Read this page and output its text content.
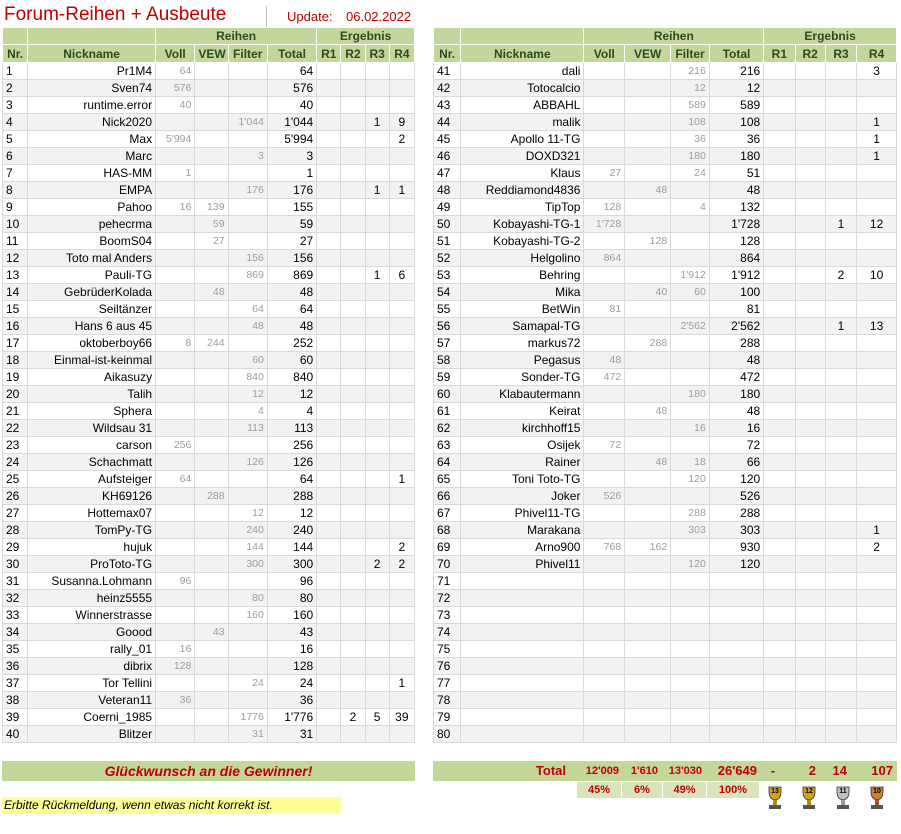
Forum-Reihen + Ausbeute	Update: 06.02.2022
		Reihen				Ergebnis			
Nr.	Nickname	Voll	VEW	Filter	Total	R1	R2	R3	R4
1	Pr1M4	64			64				
2	Sven74	576			576				
3	runtime.error	40			40				
4	Nick2020			1'044	1'044			1	9
5	Max	5'994			5'994				2
6	Marc			3	3				
7	HAS-MM	1			1				
8	EMPA			176	176			1	1
9	Pahoo	16	139		155				
10	pehecrma		59		59				
11	BoomS04		27		27				
12	Toto mal Anders			156	156				
13	Pauli-TG			869	869			1	6
14	GebrüderKolada		48		48				
15	Seiltänzer			64	64				
16	Hans 6 aus 45			48	48				
17	oktoberboy66	8	244		252				
18	Einmal-ist-keinmal			60	60				
19	Aikasuzy			840	840				
20	Talih			12	12				
21	Sphera			4	4				
22	Wildsau 31			113	113				
23	carson	256			256				
24	Schachmatt			126	126				
25	Aufsteiger	64			64				1
26	KH69126		288		288				
27	Hottemax07			12	12				
28	TomPy-TG			240	240				
29	hujuk			144	144				2
30	ProToto-TG			300	300			2	2
31	Susanna.Lohmann	96			96				
32	heinz5555			80	80				
33	Winnerstrasse			160	160				
34	Goood		43		43				
35	rally_01	16			16				
36	dibrix	128			128				
37	Tor Tellini			24	24				1
38	Veteran11	36			36				
39	Coerni_1985			1776	1'776		2	5	39
40	Blitzer			31	31				
		Reihen				Ergebnis			
Nr.	Nickname	Voll	VEW	Filter	Total	R1	R2	R3	R4
41	dali			216	216				3
42	Totocalcio			12	12				
43	ABBAHL			589	589				
44	malik			108	108				1
45	Apollo 11-TG			36	36				1
46	DOXD321			180	180				1
47	Klaus	27		24	51				
48	Reddiamond4836		48		48				
49	TipTop	128		4	132				
50	Kobayashi-TG-1	1'728			1'728			1	12
51	Kobayashi-TG-2		128		128				
52	Helgolino	864			864				
53	Behring			1'912	1'912			2	10
54	Mika		40	60	100				
55	BetWin	81			81				
56	Samapal-TG			2'562	2'562			1	13
57	markus72		288		288				
58	Pegasus	48			48				
59	Sonder-TG	472			472				
60	Klabautermann			180	180				
61	Keirat		48		48				
62	kirchhoff15			16	16				
63	Osijek	72			72				
64	Rainer		48	18	66				
65	Toni Toto-TG			120	120				
66	Joker	526			526				
67	Phivel11-TG			288	288				
68	Marakana			303	303				1
69	Arno900	768	162		930				2
70	Phivel11			120	120				
71									
72									
73									
74									
75									
76									
77									
78									
79									
80									
Glückwunsch an die Gewinner!	Total	12'009	1'610 13'030	26'649	-	2	14	107
45%	6%	49%	100%
Erbitte Rückmeldung, wenn etwas nicht korrekt ist.
13	12	11	10
